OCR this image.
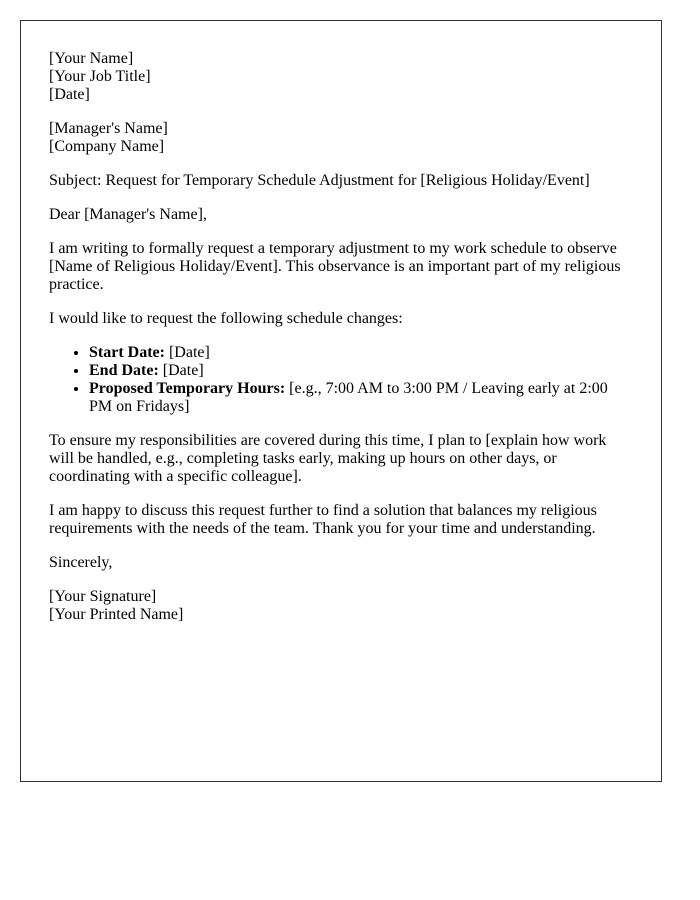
[Your Name]
[Your Job Title]
[Date]
[Manager's Name]
[Company Name]

Subject: Request for Temporary Schedule Adjustment for [Religious Holiday/Event]

Dear [Manager's Name],

I am writing to formally request a temporary adjustment to my work schedule to observe [Name of Religious Holiday/Event]. This observance is an important part of my religious practice.

I would like to request the following schedule changes:

• Start Date: [Date]
• End Date: [Date]
• Proposed Temporary Hours: [e.g., 7:00 AM to 3:00 PM / Leaving early at 2:00 PM on Fridays]

To ensure my responsibilities are covered during this time, I plan to [explain how work will be handled, e.g., completing tasks early, making up hours on other days, or coordinating with a specific colleague].

I am happy to discuss this request further to find a solution that balances my religious requirements with the needs of the team. Thank you for your time and understanding.

Sincerely,

[Your Signature]
[Your Printed Name]
